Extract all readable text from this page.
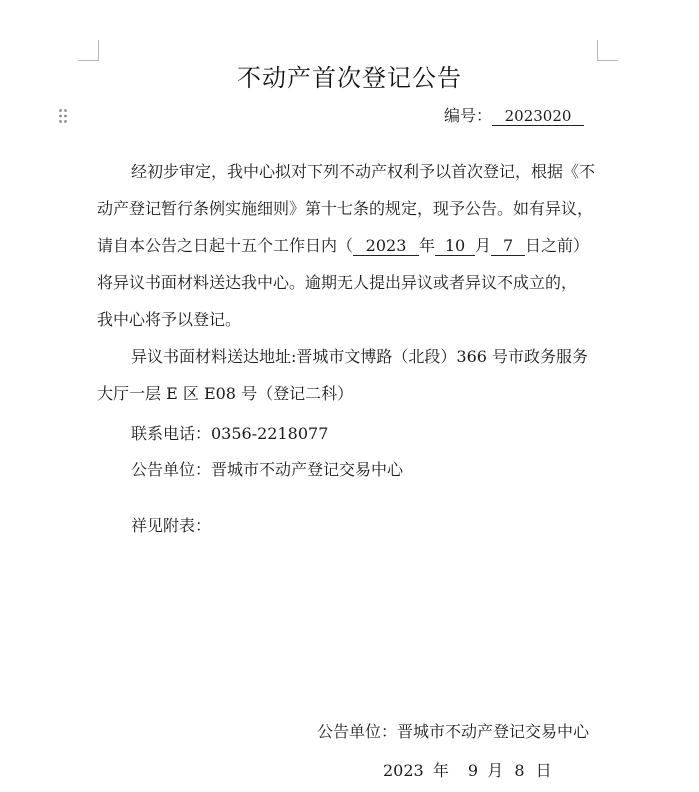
不动产首次登记公告
编号： 2023020
经初步审定，我中心拟对下列不动产权利予以首次登记，根据《不
动产登记暂行条例实施细则》第十七条的规定，现予公告。如有异议，
请自本公告之日起十五个工作日内（ 2023 年 10 月 7 日之前）
将异议书面材料送达我中心。逾期无人提出异议或者异议不成立的，
我中心将予以登记。
异议书面材料送达地址:晋城市文博路（北段）366 号市政务服务
大厅一层 E 区 E08 号（登记二科）
联系电话：0356-2218077
公告单位：晋城市不动产登记交易中心
祥见附表：
公告单位：晋城市不动产登记交易中心
2023 年 9 月 8 日
